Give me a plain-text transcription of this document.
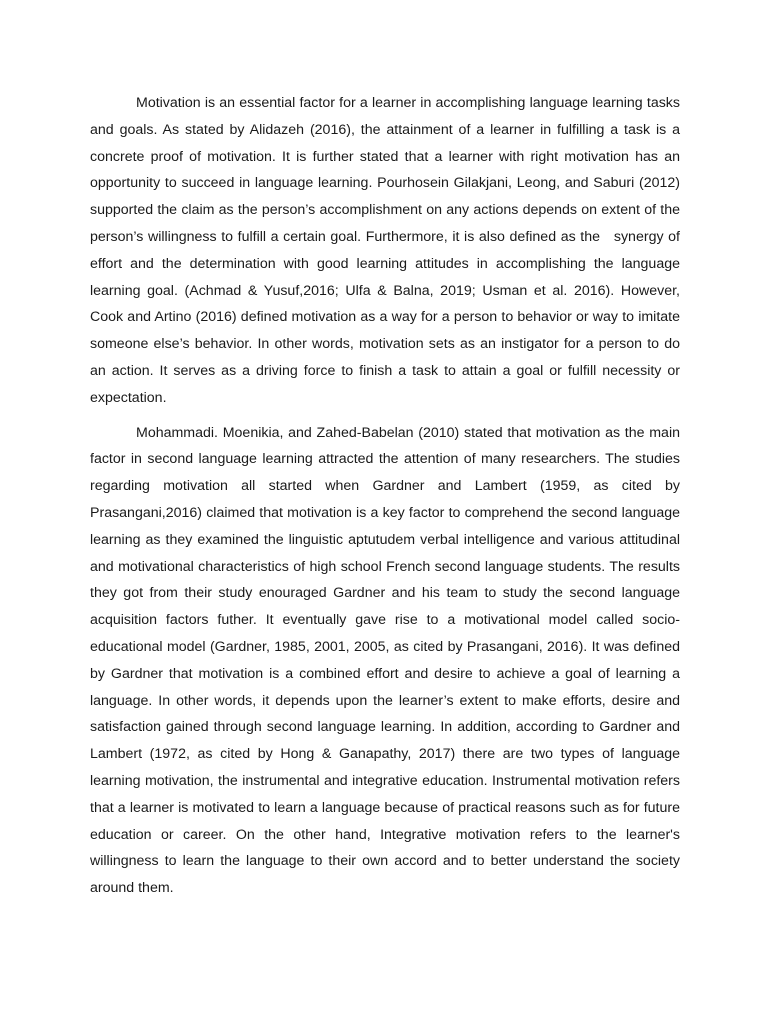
Motivation is an essential factor for a learner in accomplishing language learning tasks and goals. As stated by Alidazeh (2016), the attainment of a learner in fulfilling a task is a concrete proof of motivation. It is further stated that a learner with right motivation has an opportunity to succeed in language learning. Pourhosein Gilakjani, Leong, and Saburi (2012) supported the claim as the person’s accomplishment on any actions depends on extent of the person’s willingness to fulfill a certain goal. Furthermore, it is also defined as the   synergy of effort and the determination with good learning attitudes in accomplishing the language learning goal. (Achmad & Yusuf,2016; Ulfa & Balna, 2019; Usman et al. 2016). However, Cook and Artino (2016) defined motivation as a way for a person to behavior or way to imitate someone else’s behavior. In other words, motivation sets as an instigator for a person to do an action. It serves as a driving force to finish a task to attain a goal or fulfill necessity or expectation.

Mohammadi. Moenikia, and Zahed-Babelan (2010) stated that motivation as the main factor in second language learning attracted the attention of many researchers. The studies regarding motivation all started when Gardner and Lambert (1959, as cited by Prasangani,2016) claimed that motivation is a key factor to comprehend the second language learning as they examined the linguistic aptutudem verbal intelligence and various attitudinal and motivational characteristics of high school French second language students. The results they got from their study enouraged Gardner and his team to study the second language acquisition factors futher. It eventually gave rise to a motivational model called socio-educational model (Gardner, 1985, 2001, 2005, as cited by Prasangani, 2016). It was defined by Gardner that motivation is a combined effort and desire to achieve a goal of learning a language. In other words, it depends upon the learner’s extent to make efforts, desire and satisfaction gained through second language learning. In addition, according to Gardner and Lambert (1972, as cited by Hong & Ganapathy, 2017) there are two types of language learning motivation, the instrumental and integrative education. Instrumental motivation refers that a learner is motivated to learn a language because of practical reasons such as for future education or career. On the other hand, Integrative motivation refers to the learner's willingness to learn the language to their own accord and to better understand the society around them.
